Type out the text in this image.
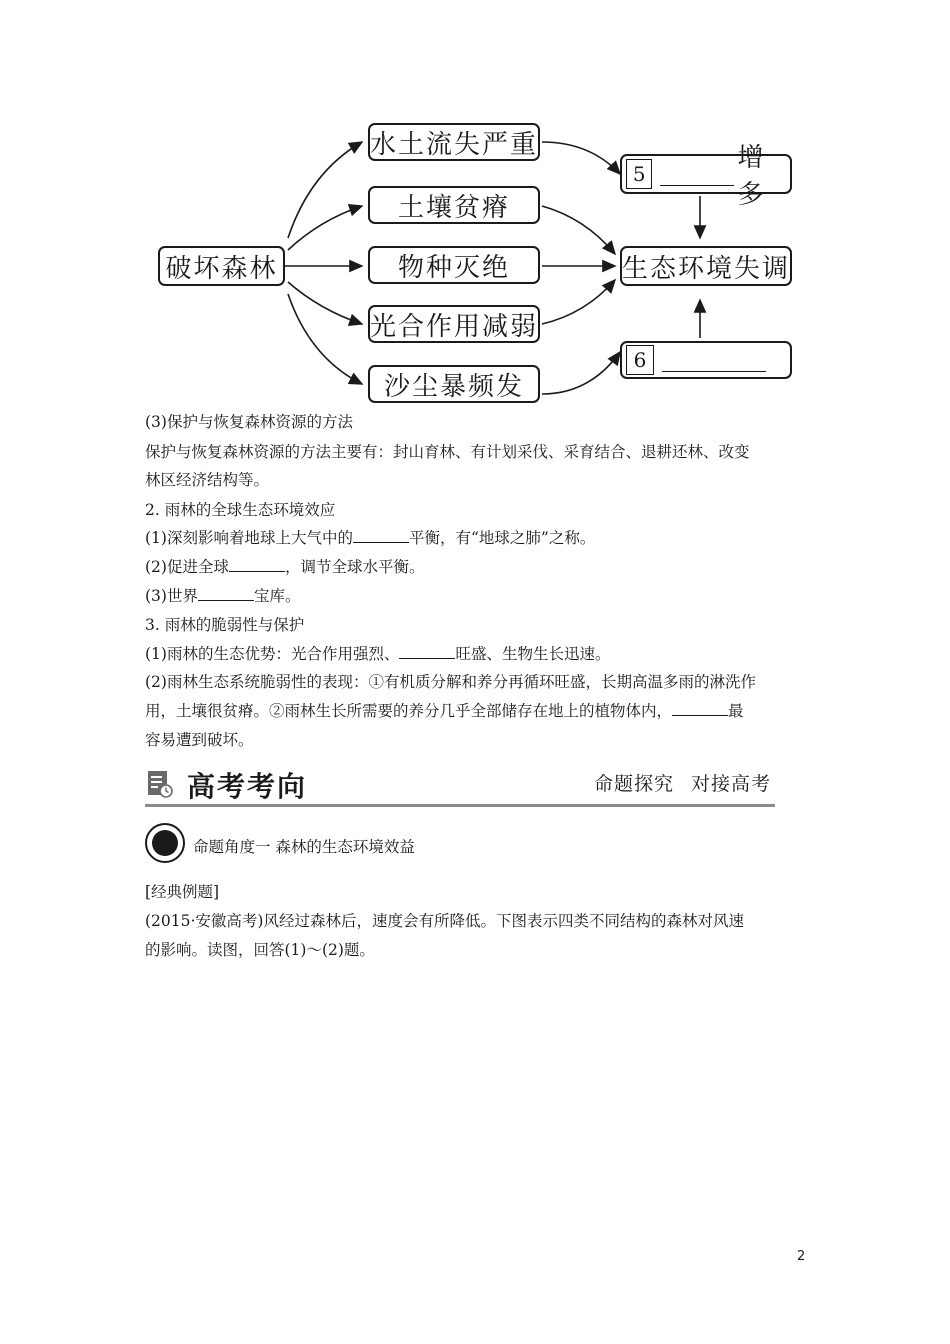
破坏森林
水土流失严重
土壤贫瘠
物种灭绝
光合作用减弱
沙尘暴频发
5
增多
生态环境失调
6
(3)保护与恢复森林资源的方法
保护与恢复森林资源的方法主要有：封山育林、有计划采伐、采育结合、退耕还林、改变
林区经济结构等。
2. 雨林的全球生态环境效应
(1)深刻影响着地球上大气中的	平衡，有“地球之肺”之称。
(2)促进全球	，调节全球水平衡。
(3)世界	宝库。
3. 雨林的脆弱性与保护
(1)雨林的生态优势：光合作用强烈、	旺盛、生物生长迅速。
(2)雨林生态系统脆弱性的表现：①有机质分解和养分再循环旺盛，长期高温多雨的淋洗作
用，土壤很贫瘠。②雨林生长所需要的养分几乎全部储存在地上的植物体内，	最
容易遭到破坏。
高考考向	命题探究 对接高考
命题角度一 森林的生态环境效益
[经典例题]
(2015·安徽高考)风经过森林后，速度会有所降低。下图表示四类不同结构的森林对风速
的影响。读图，回答(1)～(2)题。
2
